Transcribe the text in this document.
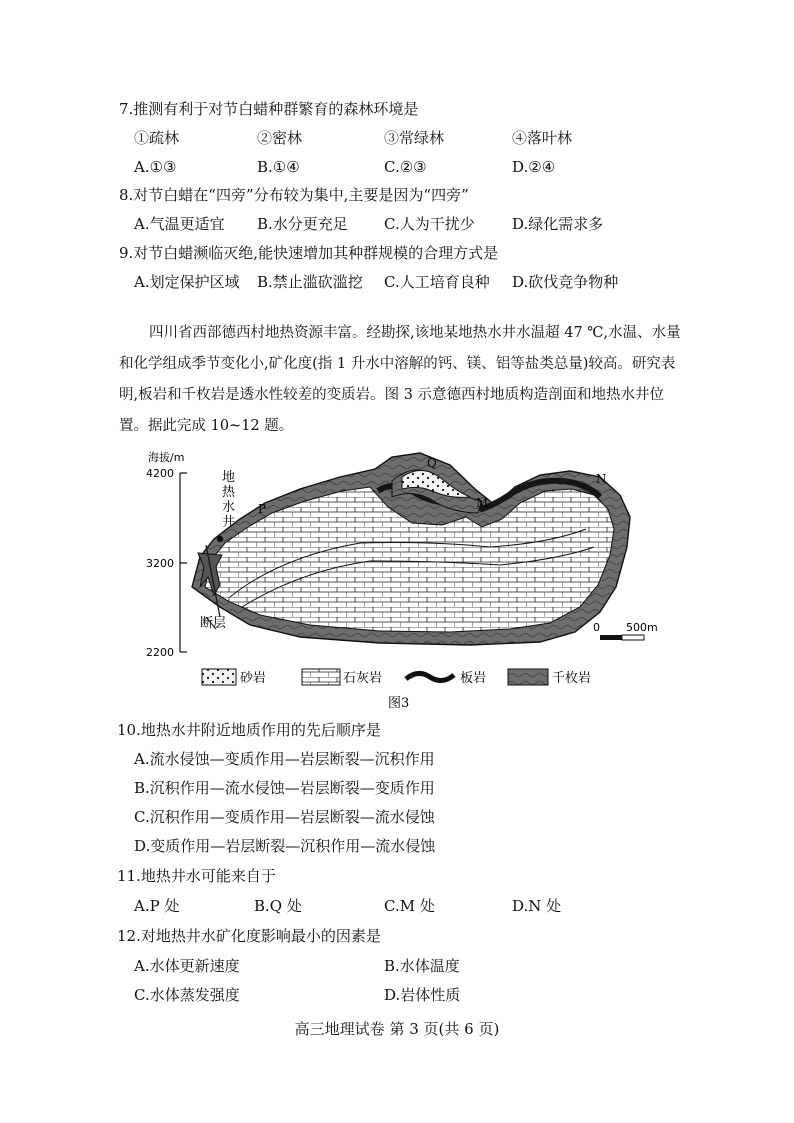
7.推测有利于对节白蜡种群繁育的森林环境是
①疏林	②密林	③常绿林	④落叶林
A.①③	B.①④	C.②③	D.②④
8.对节白蜡在“四旁”分布较为集中,主要是因为“四旁”
A.气温更适宜 B.水分更充足 C.人为干扰少 D.绿化需求多
9.对节白蜡濒临灭绝,能快速增加其种群规模的合理方式是
A.划定保护区域 B.禁止滥砍滥挖 C.人工培育良种 D.砍伐竞争物种
四川省西部德西村地热资源丰富。经勘探,该地某地热水井水温超 47 ℃,水温、水量
和化学组成季节变化小,矿化度(指 1 升水中溶解的钙、镁、铝等盐类总量)较高。研究表
明,板岩和千枚岩是透水性较差的变质岩。图 3 示意德西村地质构造剖面和地热水井位
置。据此完成 10~12 题。
海拔/m
4200
3200
2200
地
热
水
井
断层
P
Q
M
N
0 500m
砂岩	石灰岩	板岩	千枚岩
图3
10.地热水井附近地质作用的先后顺序是
A.流水侵蚀—变质作用—岩层断裂—沉积作用
B.沉积作用—流水侵蚀—岩层断裂—变质作用
C.沉积作用—变质作用—岩层断裂—流水侵蚀
D.变质作用—岩层断裂—沉积作用—流水侵蚀
11.地热井水可能来自于
A.P 处	B.Q 处	C.M 处	D.N 处
12.对地热井水矿化度影响最小的因素是
A.水体更新速度	B.水体温度
C.水体蒸发强度	D.岩体性质
高三地理试卷 第 3 页(共 6 页)
